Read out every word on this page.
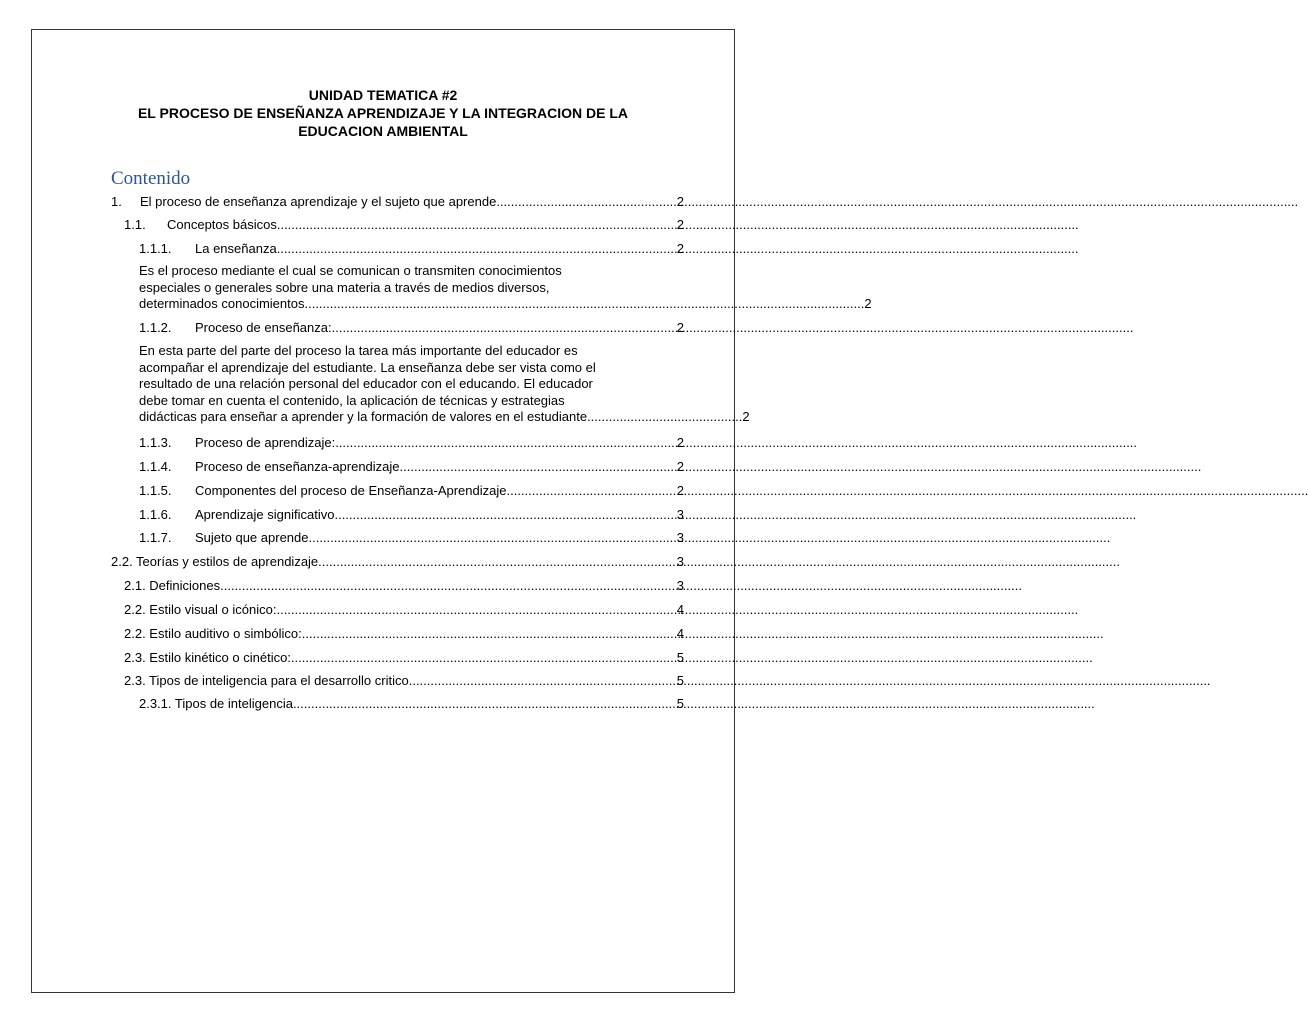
UNIDAD TEMATICA #2
EL PROCESO DE ENSEÑANZA APRENDIZAJE Y LA INTEGRACION DE LA
EDUCACION AMBIENTAL
Contenido
1.	El proceso de enseñanza aprendizaje y el sujeto que aprende .....	2
1.1.	Conceptos básicos .....	2
1.1.1.	La enseñanza .....	2
Es el proceso mediante el cual se comunican o transmiten conocimientos
especiales o generales sobre una materia a través de medios diversos,
determinados conocimientos ........................................................................................................................................................... 2
1.1.2.	Proceso de enseñanza: .....	2
En esta parte del parte del proceso la tarea más importante del educador es
acompañar el aprendizaje del estudiante. La enseñanza debe ser vista como el
resultado de una relación personal del educador con el educando. El educador
debe tomar en cuenta el contenido, la aplicación de técnicas y estrategias
didácticas para enseñar a aprender y la formación de valores en el estudiante ........................................... 2
1.1.3.	Proceso de aprendizaje: .....	2
1.1.4.	Proceso de enseñanza-aprendizaje .....	2
1.1.5.	Componentes del proceso de Enseñanza-Aprendizaje .....	2
1.1.6.	Aprendizaje significativo .....	3
1.1.7.	Sujeto que aprende .....	3
2.2. Teorías y estilos de aprendizaje .....	3
2.1. Definiciones .....	3
2.2. Estilo visual o icónico: .....	4
2.2. Estilo auditivo o simbólico: .....	4
2.3. Estilo kinético o cinético: .....	5
2.3. Tipos de inteligencia para el desarrollo critico .....	5
2.3.1. Tipos de inteligencia .....	5
